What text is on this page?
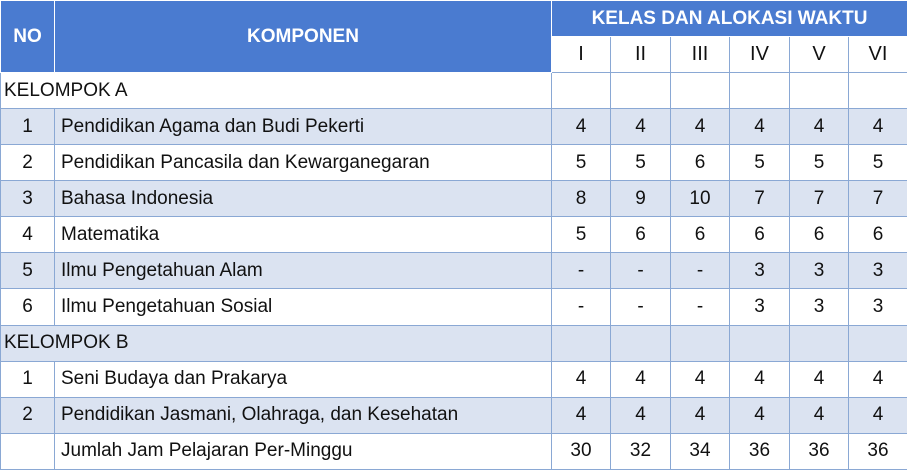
NO	KOMPONEN	KELAS DAN ALOKASI WAKTU					
		I	II	III	IV	V	VI
KELOMPOK A							
1	Pendidikan Agama dan Budi Pekerti	4	4	4	4	4	4
2	Pendidikan Pancasila dan Kewarganegaran	5	5	6	5	5	5
3	Bahasa Indonesia	8	9	10	7	7	7
4	Matematika	5	6	6	6	6	6
5	Ilmu Pengetahuan Alam	-	-	-	3	3	3
6	Ilmu Pengetahuan Sosial	-	-	-	3	3	3
KELOMPOK B							
1	Seni Budaya dan Prakarya	4	4	4	4	4	4
2	Pendidikan Jasmani, Olahraga, dan Kesehatan	4	4	4	4	4	4
	Jumlah Jam Pelajaran Per-Minggu	30	32	34	36	36	36
